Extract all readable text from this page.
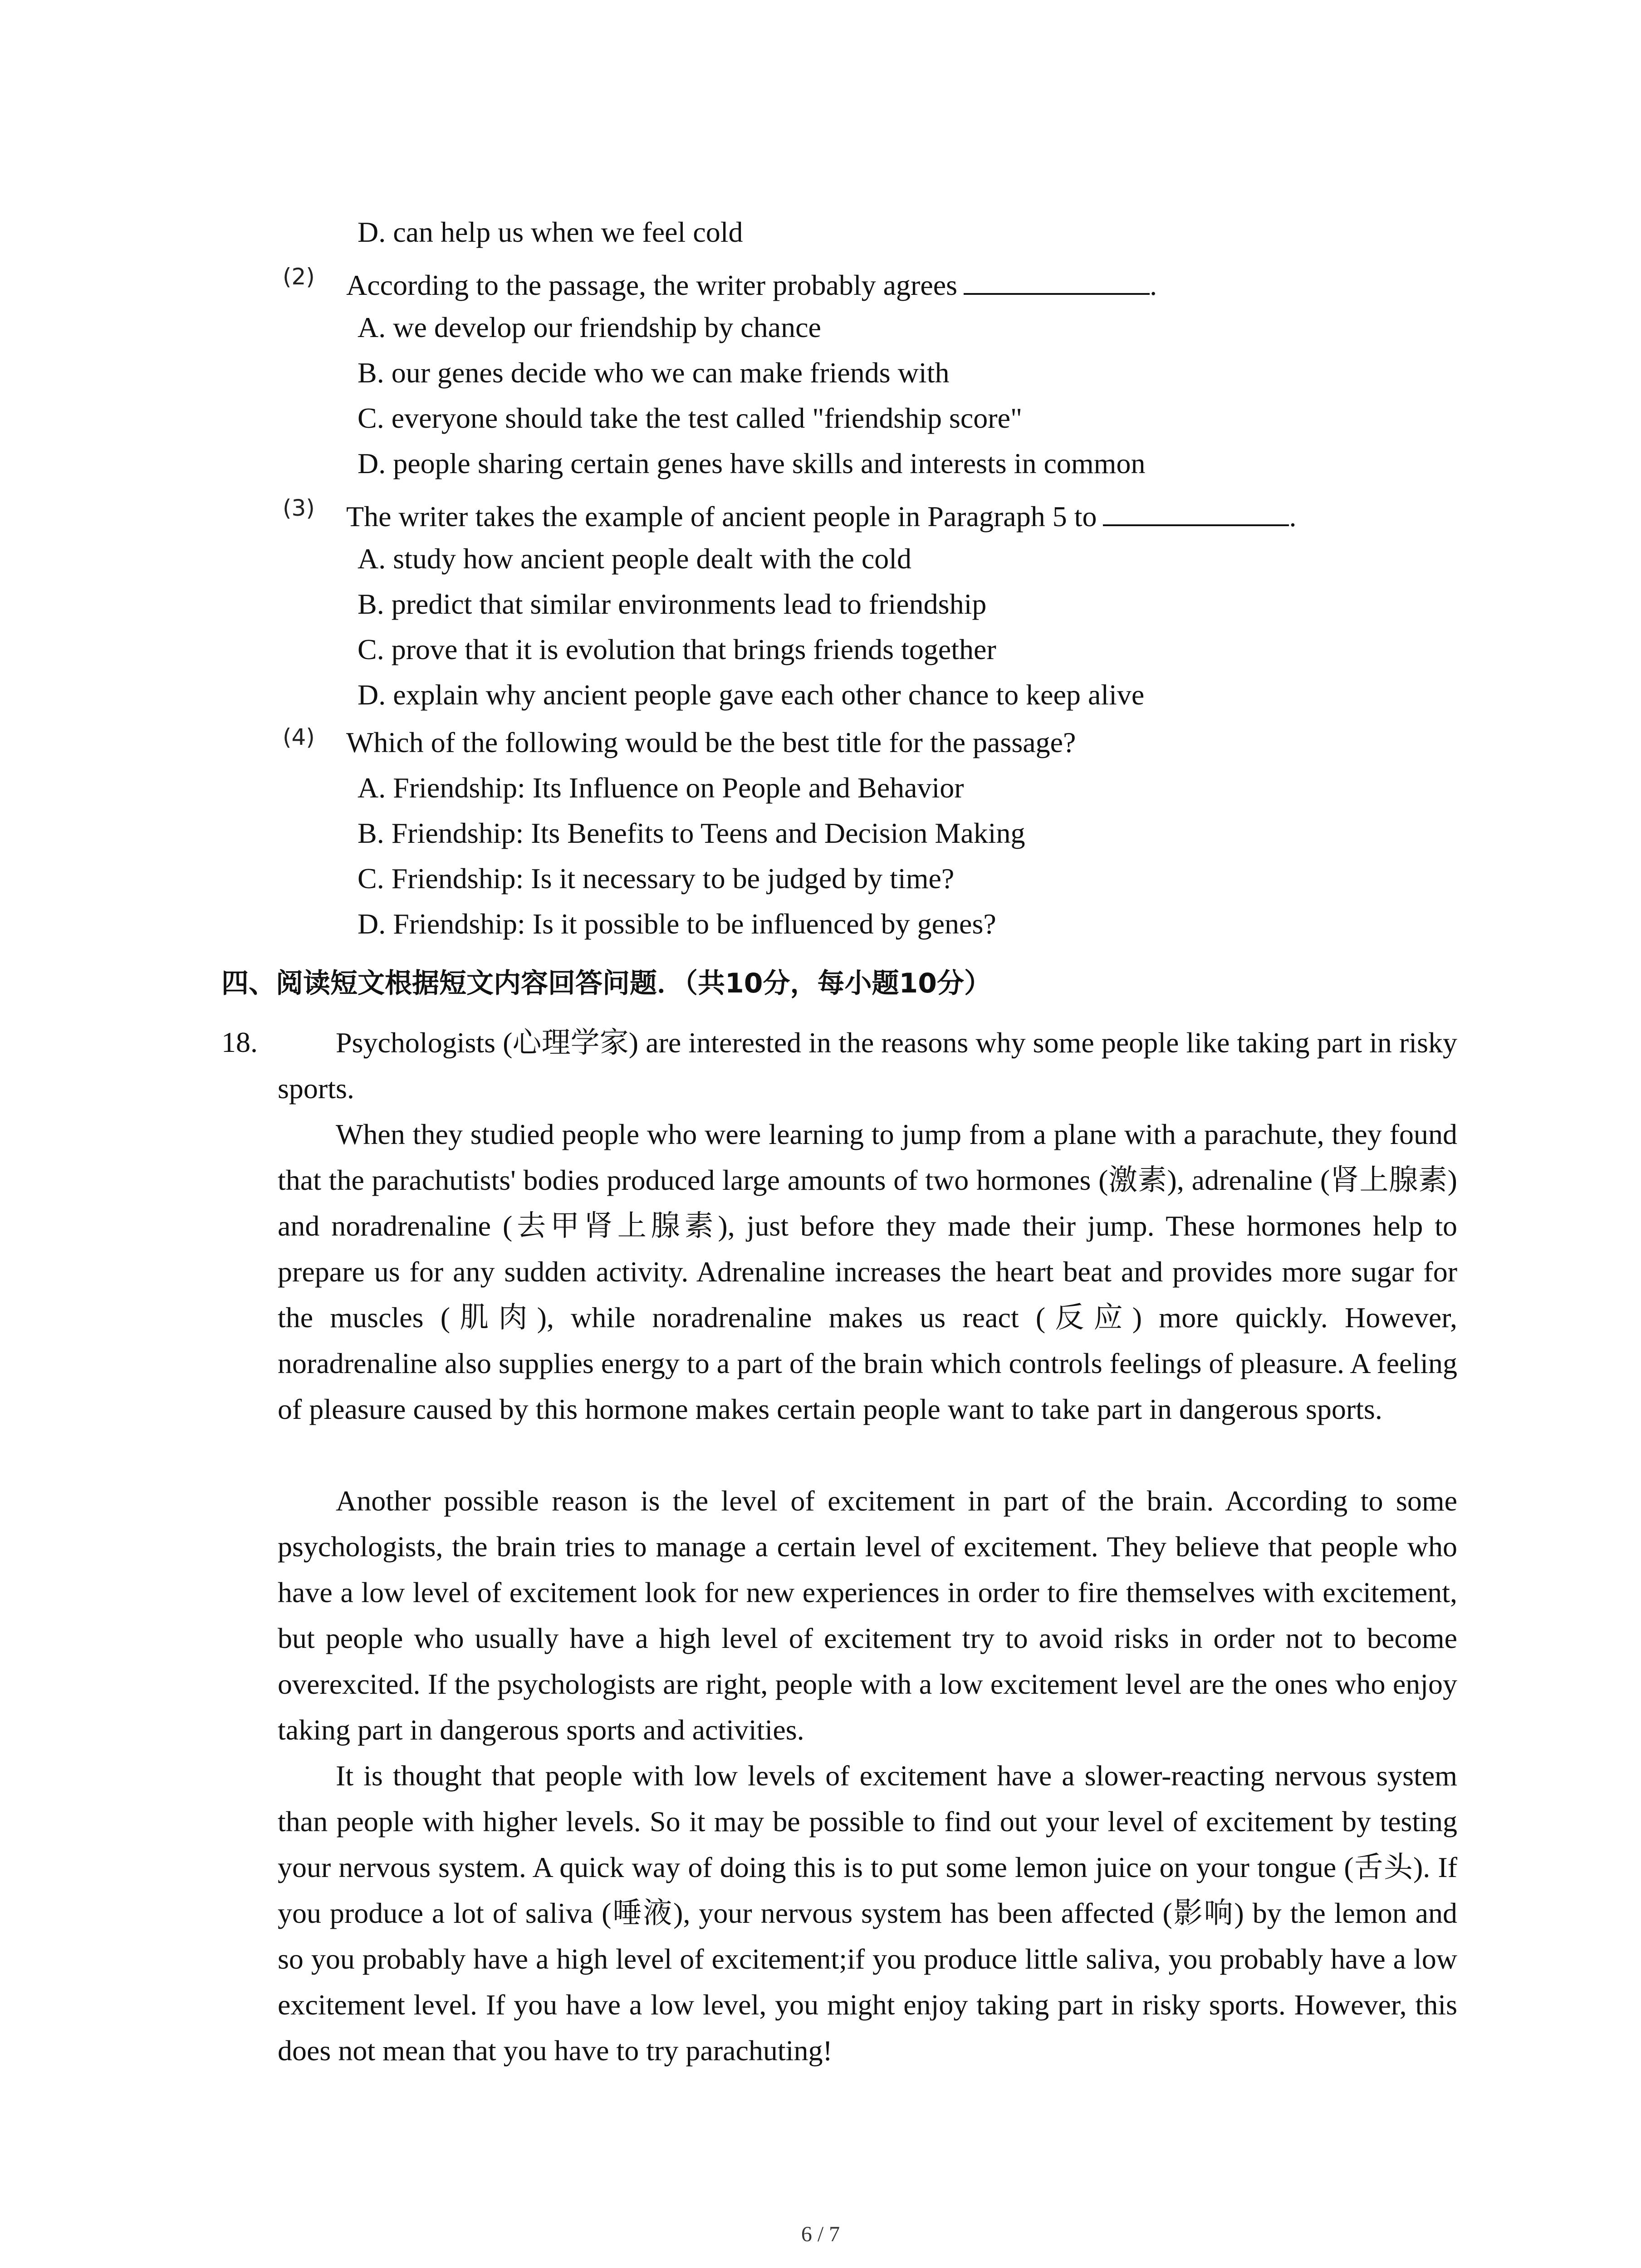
D. can help us when we feel cold
(2) According to the passage, the writer probably agrees	.
A. we develop our friendship by chance
B. our genes decide who we can make friends with
C. everyone should take the test called "friendship score"
D. people sharing certain genes have skills and interests in common
(3) The writer takes the example of ancient people in Paragraph 5 to	.
A. study how ancient people dealt with the cold
B. predict that similar environments lead to friendship
C. prove that it is evolution that brings friends together
D. explain why ancient people gave each other chance to keep alive
(4) Which of the following would be the best title for the passage?
A. Friendship: Its Influence on People and Behavior
B. Friendship: Its Benefits to Teens and Decision Making
C. Friendship: Is it necessary to be judged by time?
D. Friendship: Is it possible to be influenced by genes?
四、阅读短文根据短文内容回答问题．（共10分，每小题10分）
18.	Psychologists (心理学家) are interested in the reasons why some people like taking part in risky sports.
When they studied people who were learning to jump from a plane with a parachute, they found that the parachutists' bodies produced large amounts of two hormones (激素), adrenaline (肾上腺素) and noradrenaline (去甲肾上腺素), just before they made their jump. These hormones help to prepare us for any sudden activity. Adrenaline increases the heart beat and provides more sugar for the muscles (肌肉), while noradrenaline makes us react (反应) more quickly. However, noradrenaline also supplies energy to a part of the brain which controls feelings of pleasure. A feeling of pleasure caused by this hormone makes certain people want to take part in dangerous sports.
Another possible reason is the level of excitement in part of the brain. According to some psychologists, the brain tries to manage a certain level of excitement. They believe that people who have a low level of excitement look for new experiences in order to fire themselves with excitement, but people who usually have a high level of excitement try to avoid risks in order not to become overexcited. If the psychologists are right, people with a low excitement level are the ones who enjoy taking part in dangerous sports and activities.
It is thought that people with low levels of excitement have a slower-reacting nervous system than people with higher levels. So it may be possible to find out your level of excitement by testing your nervous system. A quick way of doing this is to put some lemon juice on your tongue (舌头). If you produce a lot of saliva (唾液), your nervous system has been affected (影响) by the lemon and so you probably have a high level of excitement;if you produce little saliva, you probably have a low excitement level. If you have a low level, you might enjoy taking part in risky sports. However, this does not mean that you have to try parachuting!
6 / 7
